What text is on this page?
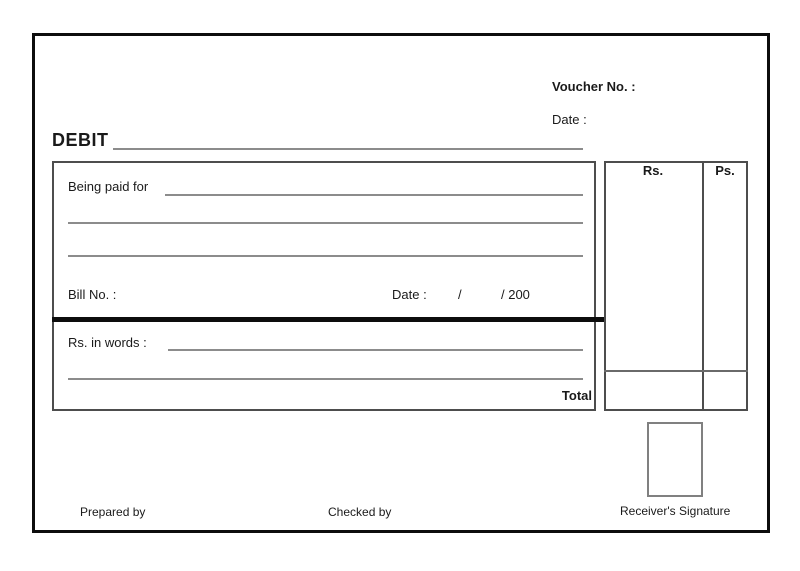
Voucher No. :
Date :
DEBIT
Being paid for
Bill No. :	Date : /	/ 200
Rs. in words :
Total
Rs.	Ps.
Prepared by	Checked by	Receiver's Signature
